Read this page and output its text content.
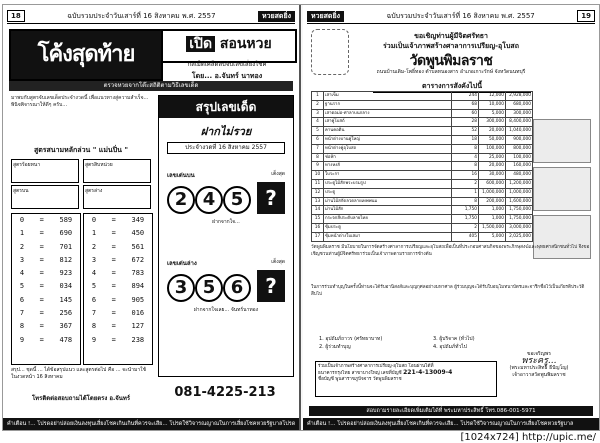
18	ฉบับรวมประจำวันเสาร์ที่ 16 สิงหาคม พ.ศ. 2557	หวยสดยิ่ง
โค้งสุดท้าย	เปิด สอนหวย
กลเม็ดเคล็ดลับจับเลขเสี่ยงโชค
โดย... อ.จันทร์ นาทอง
ตรวจหวยจากโต๊ะสถิติตามวิธีเลขเด็ด
มาพบกับสูตรจับเลขเด็ดประจำงวดนี้ เพื่อแนวทางสู่ความสำเร็จ... พินิจพิจารณาให้ดีๆ ครับ...
สูตรสนามหลักล่วน " แม่นปิ่น "
สูตรร้อยทนา	สูตรสิบหน่วย
สูตรบน	สูตรล่าง
0 = 589
1 = 690
2 = 701
3 = 812
4 = 923
5 = 034
6 = 145
7 = 256
8 = 367
9 = 478
0 = 349
1 = 450
2 = 561
3 = 672
4 = 783
5 = 894
6 = 905
7 = 016
8 = 127
9 = 238
สรุป... ชุดนี้ ... ได้ข้อสรุปแนว และสูตรต่อไป คือ ... จะนำมาใช้ในงวดหน้า 16 สิงหาคม
โทรติดต่อสอบถามได้โดยตรง อ.จันทร์
สรุปเลขเด็ด
ฝากไม่รวย
ประจำงวดที่ 16 สิงหาคม 2557
เลขเด่นบน
2 4 5
เต็งสุด
?
ฝากจากใจ...
เลขเด่นล่าง
3 5 6
เต็งสุด
?
ฝากจากใจเลย... จันทร์นาทอง
081-4225-213
คำเตือน !... โปรดอย่าปล่อยเงินลงทุนเสี่ยงโชคเกินเกินที่ควรจะเสีย... โปรดใช้วิจารณญาณในการเสี่ยงโชคหวยรัฐบาลโปรดใช้วิจารณญาณ
หวยสดยิ่ง	ฉบับรวมประจำวันเสาร์ที่ 16 สิงหาคม พ.ศ. 2557	19
ขอเชิญท่านผู้มีจิตศรัทธา
ร่วมเป็นเจ้าภาพสร้างศาลาการเปรียญ-อุโบสถ
วัดพูนพิมลราช
ถนนบ้านเดิม-โพธิ์ทอง ตำบลหนองสาร อำเภอเกาะรักษ์ จังหวัดนนทบุรี
ตารางการสังคังไปนี้
1	เสาเข็ม	244	12,000	2,928,000
2	ฐานราก	68	10,000	680,000
3	เสาตอม่อ-ศาลาบนกลาง	60	5,000	300,000
4	เสาคู่โบสถ์	28	300,000	8,400,000
5	คานคอดิน	52	20,000	1,040,000
6	หน้าต่างบานคู่ใหญ่	18	50,000	900,000
7	หน้าต่างคู่อุโบสถ	8	100,000	800,000
8	ช่อฟ้า	4	25,000	100,000
9	หางหงส์	8	20,000	160,000
10	ใบระกา	16	30,000	480,000
11	ประตูไม้สักพระบรมรูป	2	600,000	1,200,000
12	ประตู	1	1,000,000	1,000,000
13	ม่านไม้สกัดลวดลายเทพพนม	8	200,000	1,600,000
14	ม่านไม้สัก	1,750	1,000	1,750,000
15	กระจกสีประดับลายไทย	1,750	1,000	1,750,000
16	ซุ้มประตู	2	1,500,000	3,000,000
17	ซุ้มหน้าต่างใบเสมา	405	5,000	2,025,000
วัดพูนพิมลราช มีนโยบายในการจัดสร้างศาลาการเปรียญและอุโบสถเพื่อเป็นที่ประกอบศาสนกิจของพระภิกษุสงฆ์และพุทธศาสนิกชนทั่วไป จึงขอเชิญชวนท่านผู้มีจิตศรัทธาร่วมเป็นเจ้าภาพตามรายการข้างต้น
ในการร่วมทำบุญในครั้งนี้ท่านจะได้รับอานิสงส์และบุญกุศลอย่างมหาศาล ผู้ร่วมบุญจะได้รับใบอนุโมทนาบัตรและจารึกชื่อไว้เป็นเกียรติประวัติสืบไป
1. อุปถัมภ์ถาวร (ศรัทธาบาท)
2. ผู้ร่วมทำบุญ
3. ผู้บริจาค (ทั่วไป)
4. อุปถัมภ์ทั่วไป
ร่วมเป็นเจ้าภาพสร้างศาลาการเปรียญ-อุโบสถ โอนผ่านได้ที่
ธนาคารกรุงไทย สาขาบางใหญ่ เลขที่บัญชี 221-4-13009-4
ชื่อบัญชี พูนสาราขภูปัจจาร วัดพูนพิมลราช
ขอเจริญพร
พระครู...
(พระมหาประสิทธิ์ ธีปัญโญ)
เจ้าอาวาสวัดพูนพิมลราช
สอบถามรายละเอียดเพิ่มเติมได้ที่ พระมหาประสิทธิ์ โทร.086-001-5971
คำเตือน !... โปรดอย่าปล่อยเงินลงทุนเสี่ยงโชคเกินที่ควรจะเสีย... โปรดใช้วิจารณญาณในการเสี่ยงโชคหวยรัฐบาล
[1024x724] http://upic.me/
